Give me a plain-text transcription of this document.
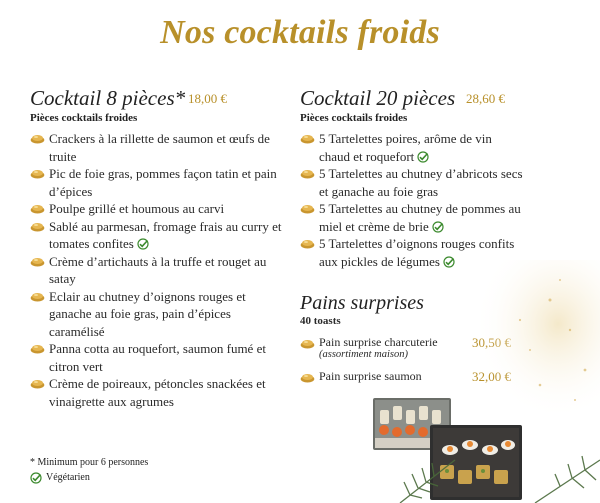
Nos cocktails froids
Cocktail 8 pièces* 18,00 €
Pièces cocktails froides
Crackers à la rillette de saumon et œufs de truite
Pic de foie gras, pommes façon tatin et pain d’épices
Poulpe grillé et houmous au carvi
Sablé au parmesan, fromage frais au curry et tomates confites
Crème d’artichauts à la truffe et rouget au satay
Eclair au chutney d’oignons rouges et ganache au foie gras, pain d’épices caramélisé
Panna cotta au roquefort, saumon fumé et citron vert
Crème de poireaux, pétoncles snackées et vinaigrette aux agrumes
Cocktail 20 pièces 28,60 €
Pièces cocktails froides
5 Tartelettes poires, arôme de vin chaud et roquefort
5 Tartelettes au chutney d’abricots secs et ganache au foie gras
5 Tartelettes au chutney de pommes au miel et crème de brie
5 Tartelettes d’oignons rouges confits aux pickles de légumes
Pains surprises
40 toasts
Pain surprise charcuterie
(assortiment maison)
Pain surprise saumon
* Minimum pour 6 personnes
Végétarien
